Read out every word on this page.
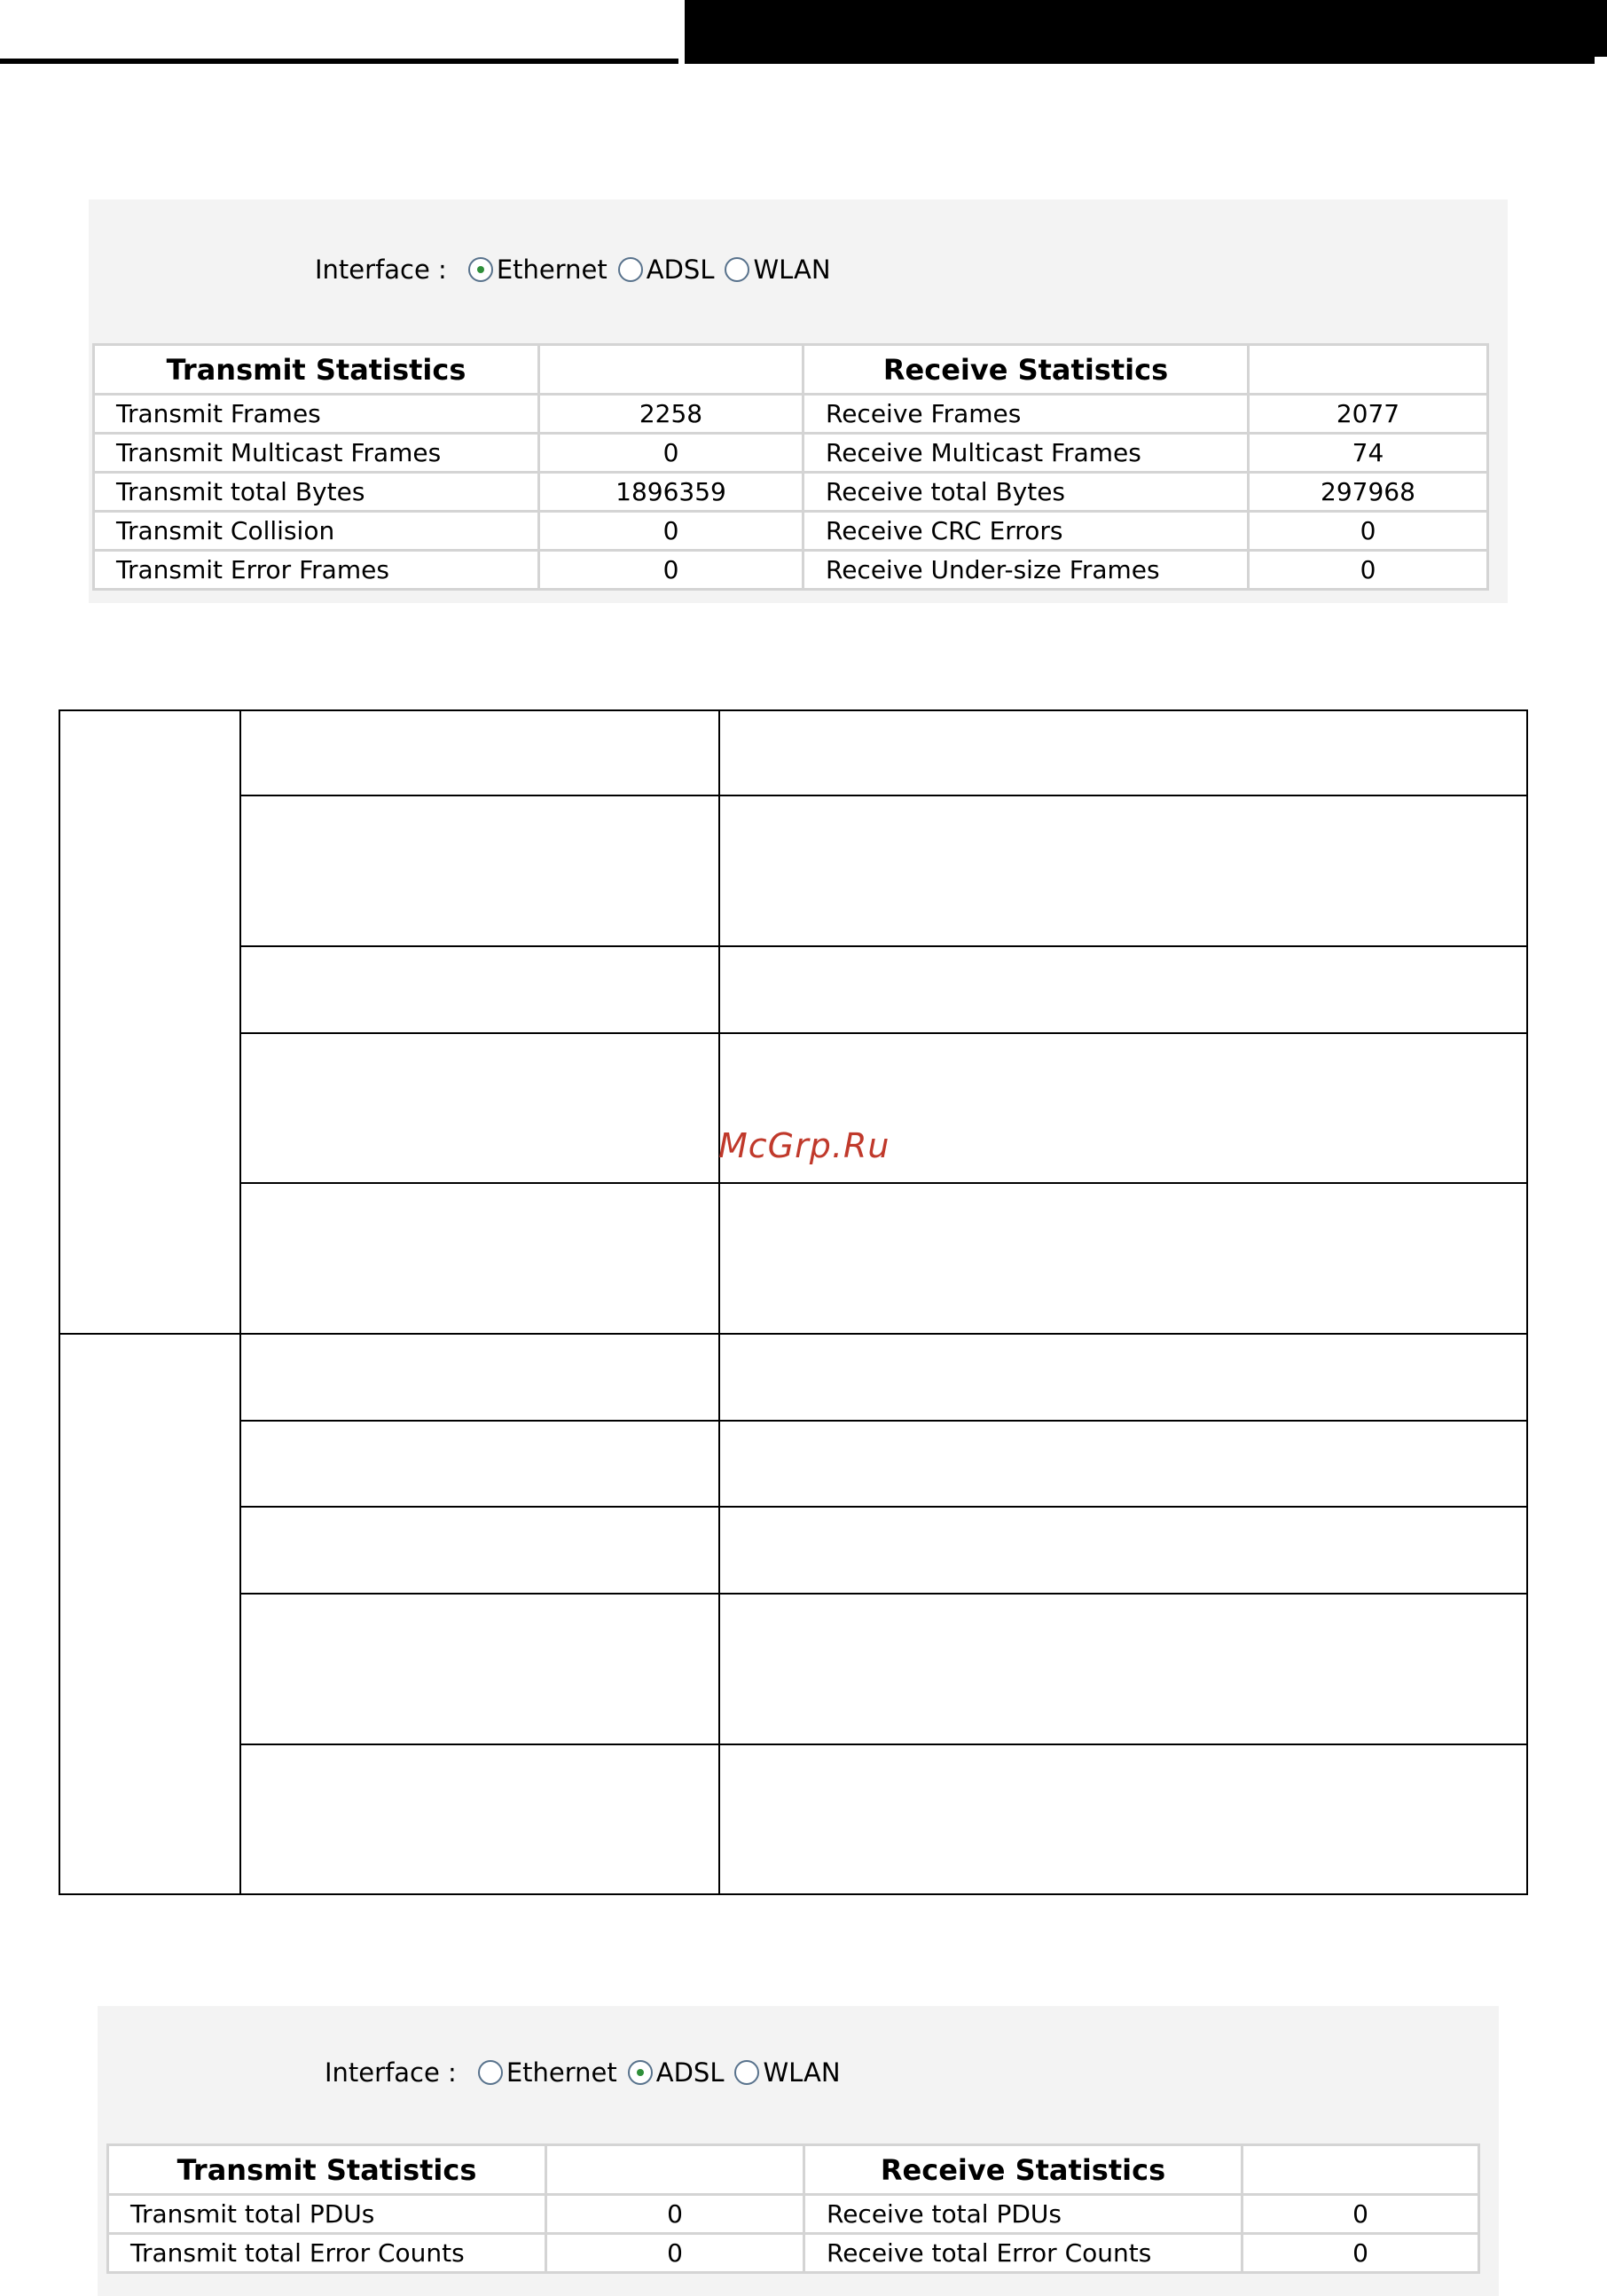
Interface : Ethernet ADSL WLAN
Transmit Statistics		Receive Statistics	
Transmit Frames	2258	Receive Frames	2077
Transmit Multicast Frames	0	Receive Multicast Frames	74
Transmit total Bytes	1896359	Receive total Bytes	297968
Transmit Collision	0	Receive CRC Errors	0
Transmit Error Frames	0	Receive Under-size Frames	0

McGrp.Ru
Interface : Ethernet ADSL WLAN
Transmit Statistics		Receive Statistics	
Transmit total PDUs	0	Receive total PDUs	0
Transmit total Error Counts	0	Receive total Error Counts	0
